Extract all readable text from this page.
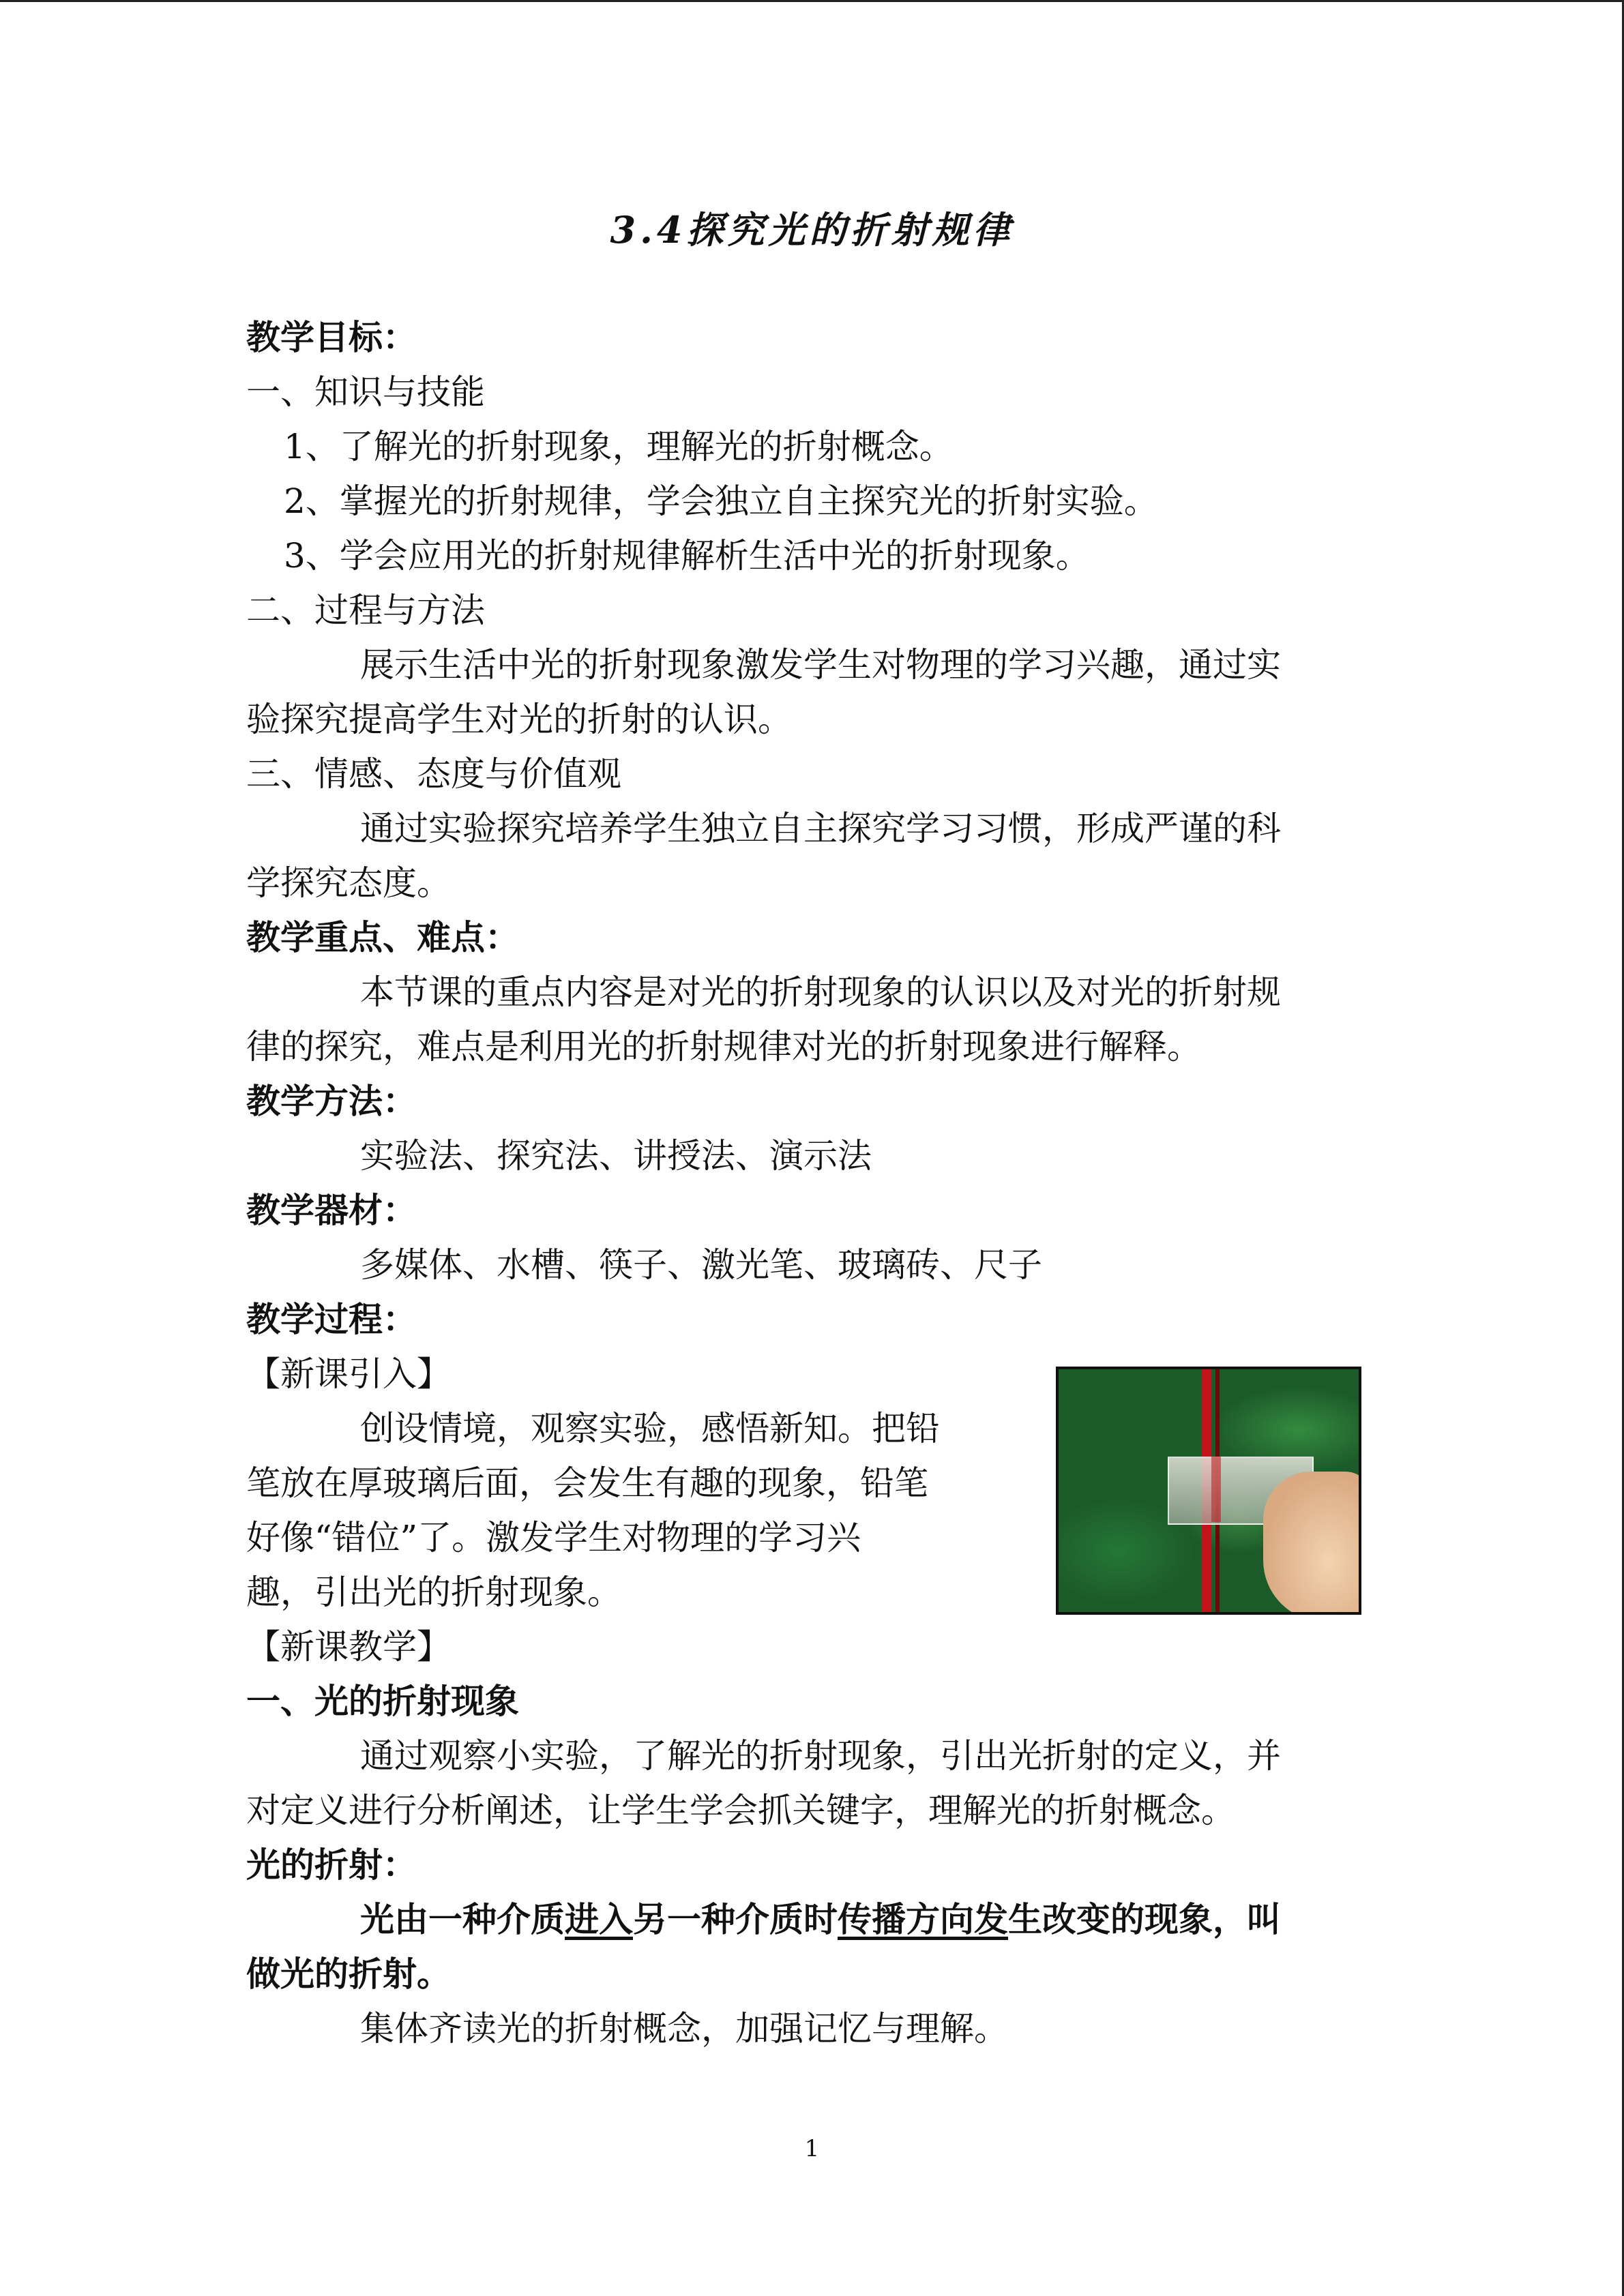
3.4探究光的折射规律
教学目标：
一、知识与技能
1、了解光的折射现象，理解光的折射概念。
2、掌握光的折射规律，学会独立自主探究光的折射实验。
3、学会应用光的折射规律解析生活中光的折射现象。
二、过程与方法
展示生活中光的折射现象激发学生对物理的学习兴趣，通过实
验探究提高学生对光的折射的认识。
三、情感、态度与价值观
通过实验探究培养学生独立自主探究学习习惯，形成严谨的科
学探究态度。
教学重点、难点：
本节课的重点内容是对光的折射现象的认识以及对光的折射规
律的探究，难点是利用光的折射规律对光的折射现象进行解释。
教学方法：
实验法、探究法、讲授法、演示法
教学器材：
多媒体、水槽、筷子、激光笔、玻璃砖、尺子
教学过程：
【新课引入】
创设情境，观察实验，感悟新知。把铅
笔放在厚玻璃后面，会发生有趣的现象，铅笔
好像“错位”了。激发学生对物理的学习兴
趣，引出光的折射现象。
【新课教学】
一、光的折射现象
通过观察小实验，了解光的折射现象，引出光折射的定义，并
对定义进行分析阐述，让学生学会抓关键字，理解光的折射概念。
光的折射：
光由一种介质进入另一种介质时传播方向发生改变的现象，叫
做光的折射。
集体齐读光的折射概念，加强记忆与理解。
1
